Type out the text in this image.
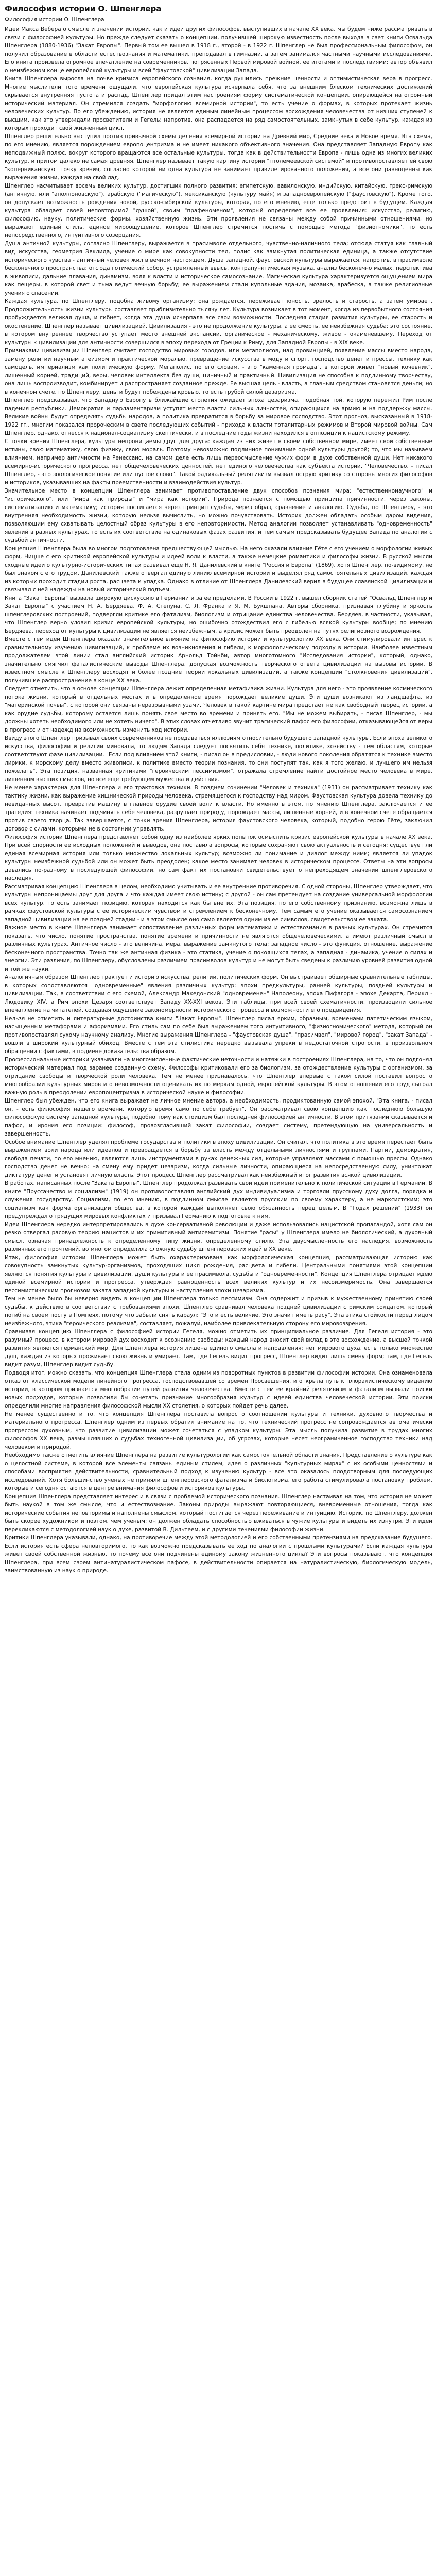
Философия истории О. Шпенглера
Философия истории О. Шпенглера

Идеи Макса Вебера о смысле и значении истории, как и идеи других философов, выступивших в начале XX века, мы будем ниже рассматривать в связи с философией культуры. Но прежде следует сказать о концепции, получившей широкую известность после выхода в свет книги Освальда Шпенглера (1880-1936) "Закат Европы". Первый том ее вышел в 1918 г., второй - в 1922 г. Шпенглер не был профессиональным философом, он получил образование в области естествознания и математики, преподавал в гимназии, а затем занимался частными научными исследованиями. Его книга произвела огромное впечатление на современников, потрясенных Первой мировой войной, ее итогами и последствиями: автор объявил о неизбежном конце европейской культуры и всей "фаустовской" цивилизации Запада.

Книга Шпенглера выросла на почве кризиса европейского сознания, когда рушились прежние ценности и оптимистическая вера в прогресс. Многие мыслители того времени ощущали, что европейская культура исчерпала себя, что за внешним блеском технических достижений скрывается внутренняя пустота и распад. Шпенглер придал этим настроениям форму систематической концепции, опирающейся на огромный исторический материал. Он стремился создать "морфологию всемирной истории", то есть учение о формах, в которых протекает жизнь человеческих культур. По его убеждению, история не является единым линейным процессом восхождения человечества от низших ступеней к высшим, как это утверждали просветители и Гегель; напротив, она распадается на ряд самостоятельных, замкнутых в себе культур, каждая из которых проходит свой жизненный цикл.

Шпенглер решительно выступил против привычной схемы деления всемирной истории на Древний мир, Средние века и Новое время. Эта схема, по его мнению, является порождением европоцентризма и не имеет никакого объективного значения. Она представляет Западную Европу как неподвижный полюс, вокруг которого вращаются все остальные культуры, тогда как в действительности Европа - лишь одна из многих великих культур, и притом далеко не самая древняя. Шпенглер называет такую картину истории "птолемеевской системой" и противопоставляет ей свою "коперниканскую" точку зрения, согласно которой ни одна культура не занимает привилегированного положения, а все они равноценны как выражения жизни, каждая на свой лад.

Шпенглер насчитывает восемь великих культур, достигших полного развития: египетскую, вавилонскую, индийскую, китайскую, греко-римскую (античную, или "аполлоновскую"), арабскую ("магическую"), мексиканскую (культуру майя) и западноевропейскую ("фаустовскую"). Кроме того, он допускает возможность рождения новой, русско-сибирской культуры, которая, по его мнению, еще только предстоит в будущем. Каждая культура обладает своей неповторимой "душой", своим "прафеноменом", который определяет все ее проявления: искусство, религию, философию, науку, политические формы, хозяйственную жизнь. Эти проявления не связаны между собой причинными отношениями, но выражают единый стиль, единое мироощущение, которое Шпенглер стремится постичь с помощью метода "физиогномики", то есть непосредственного, интуитивного созерцания.

Душа античной культуры, согласно Шпенглеру, выражается в прасимволе отдельного, чувственно-наличного тела; отсюда статуя как главный вид искусства, геометрия Эвклида, учение о мире как совокупности тел, полис как замкнутая политическая единица, а также отсутствие исторического чувства - античный человек жил в вечном настоящем. Душа западной, фаустовской культуры выражается, напротив, в прасимволе бесконечного пространства; отсюда готический собор, устремленный ввысь, контрапунктическая музыка, анализ бесконечно малых, перспектива в живописи, дальние плавания, динамизм, воля к власти и историческое самосознание. Магическая культура характеризуется ощущением мира как пещеры, в которой свет и тьма ведут вечную борьбу; ее выражением стали купольные здания, мозаика, арабеска, а также религиозные учения о спасении.

Каждая культура, по Шпенглеру, подобна живому организму: она рождается, переживает юность, зрелость и старость, а затем умирает. Продолжительность жизни культуры составляет приблизительно тысячу лет. Культура возникает в тот момент, когда из первобытного состояния пробуждается великая душа, и гибнет, когда эта душа исчерпала все свои возможности. Последняя стадия развития культуры, ее старость и окостенение, Шпенглер называет цивилизацией. Цивилизация - это не продолжение культуры, а ее смерть, ее неизбежная судьба; это состояние, в котором внутреннее творчество уступает место внешней экспансии, органическое - механическому, живое - окаменевшему. Переход от культуры к цивилизации для античности совершился в эпоху перехода от Греции к Риму, для Западной Европы - в XIX веке.

Признаками цивилизации Шпенглер считает господство мировых городов, или мегаполисов, над провинцией, появление массы вместо народа, замену религии научным атеизмом и практической моралью, превращение искусства в моду и спорт, господство денег и прессы, технику как самоцель, империализм как политическую форму. Мегаполис, по его словам, - это "каменная громада", в которой живет "новый кочевник", лишенный корней, традиций, веры, человек интеллекта без души, циничный и практичный. Цивилизация не способна к подлинному творчеству, она лишь воспроизводит, комбинирует и распространяет созданное прежде. Ее высшая цель - власть, а главным средством становятся деньги; но в конечном счете, по Шпенглеру, деньги будут побеждены кровью, то есть грубой силой цезаризма.

Шпенглер предсказывал, что Западную Европу в ближайшие столетия ожидает эпоха цезаризма, подобная той, которую пережил Рим после падения республики. Демократия и парламентаризм уступят место власти сильных личностей, опирающихся на армию и на поддержку массы. Великие войны будут определять судьбы народов, а политика превратится в борьбу за мировое господство. Этот прогноз, высказанный в 1918-1922 гг., многим показался пророческим в свете последующих событий - прихода к власти тоталитарных режимов и Второй мировой войны. Сам Шпенглер, однако, отнесся к национал-социализму скептически, и в последние годы жизни находился в оппозиции к нацистскому режиму.

С точки зрения Шпенглера, культуры непроницаемы друг для друга: каждая из них живет в своем собственном мире, имеет свои собственные истины, свою математику, свою физику, свою мораль. Поэтому невозможно подлинное понимание одной культуры другой; то, что мы называем влиянием, например античности на Ренессанс, на самом деле есть лишь переосмысление чужих форм в духе собственной души. Нет никакого всемирно-исторического прогресса, нет общечеловеческих ценностей, нет единого человечества как субъекта истории. "Человечество, - писал Шпенглер, - это зоологическое понятие или пустое слово". Такой радикальный релятивизм вызвал острую критику со стороны многих философов и историков, указывавших на факты преемственности и взаимодействия культур.

Значительное место в концепции Шпенглера занимает противопоставление двух способов познания мира: "естественнонаучного" и "исторического", или "мира как природы" и "мира как истории". Природа познается с помощью принципа причинности, через законы, систематизацию и математику; история постигается через принцип судьбы, через образ, сравнение и аналогию. Судьба, по Шпенглеру, - это внутренняя необходимость жизни, которую нельзя вычислить, но можно почувствовать. Историк должен обладать особым даром видения, позволяющим ему схватывать целостный образ культуры в его неповторимости. Метод аналогии позволяет устанавливать "одновременность" явлений в разных культурах, то есть их соответствие на одинаковых фазах развития, и тем самым предсказывать будущее Запада по аналогии с судьбой античности.

Концепция Шпенглера была во многом подготовлена предшествующей мыслью. На него оказали влияние Гёте с его учением о морфологии живых форм, Ницше с его критикой европейской культуры и идеей воли к власти, а также немецкие романтики и философы жизни. В русской мысли сходные идеи о культурно-исторических типах развивал еще Н. Я. Данилевский в книге "Россия и Европа" (1869), хотя Шпенглер, по-видимому, не был знаком с его трудом. Данилевский также отвергал единую линию всемирной истории и выделял ряд самостоятельных цивилизаций, каждая из которых проходит стадии роста, расцвета и упадка. Однако в отличие от Шпенглера Данилевский верил в будущее славянской цивилизации и связывал с ней надежды на новый исторический подъем.

Книга "Закат Европы" вызвала широкую дискуссию в Германии и за ее пределами. В России в 1922 г. вышел сборник статей "Освальд Шпенглер и Закат Европы" с участием Н. А. Бердяева, Ф. А. Степуна, С. Л. Франка и Я. М. Букшпана. Авторы сборника, признавая глубину и яркость шпенглеровских построений, подвергли критике его фатализм, биологизм и отрицание единства человечества. Бердяев, в частности, указывал, что Шпенглер верно уловил кризис европейской культуры, но ошибочно отождествил его с гибелью всякой культуры вообще; по мнению Бердяева, переход от культуры к цивилизации не является неизбежным, а кризис может быть преодолен на путях религиозного возрождения.

Вместе с тем идеи Шпенглера оказали значительное влияние на философию истории и культурологию XX века. Они стимулировали интерес к сравнительному изучению цивилизаций, к проблеме их возникновения и гибели, к морфологическому подходу в истории. Наиболее известным продолжателем этой линии стал английский историк Арнольд Тойнби, автор многотомного "Исследования истории", который, однако, значительно смягчил фаталистические выводы Шпенглера, допуская возможность творческого ответа цивилизации на вызовы истории. В известном смысле к Шпенглеру восходят и более поздние теории локальных цивилизаций, а также концепции "столкновения цивилизаций", получившие распространение в конце XX века.

Следует отметить, что в основе концепции Шпенглера лежит определенная метафизика жизни. Культура для него - это проявление космического потока жизни, который в отдельных местах и в определенное время порождает великие души. Эти души возникают из ландшафта, из "материнской почвы", с которой они связаны неразрывными узами. Человек в такой картине мира предстает не как свободный творец истории, а как орудие судьбы, которому остается лишь понять свое место во времени и принять его. "Мы не можем выбирать, - писал Шпенглер, - мы должны хотеть необходимого или не хотеть ничего". В этих словах отчетливо звучит трагический пафос его философии, отказывающейся от веры в прогресс и от надежд на возможность изменить ход истории.

Ввиду этого Шпенглер призывал своих современников не предаваться иллюзиям относительно будущего западной культуры. Если эпоха великого искусства, философии и религии миновала, то людям Запада следует посвятить себя технике, политике, хозяйству - тем областям, которые соответствуют фазе цивилизации. "Если под влиянием этой книги, - писал он в предисловии, - люди нового поколения обратятся к технике вместо лирики, к морскому делу вместо живописи, к политике вместо теории познания, то они поступят так, как я того желаю, и лучшего им нельзя пожелать". Эта позиция, названная критиками "героическим пессимизмом", отражала стремление найти достойное место человека в мире, лишенном высших смыслов, но все еще требующем мужества и действия.

Не менее характерна для Шпенглера и его трактовка техники. В позднем сочинении "Человек и техника" (1931) он рассматривает технику как тактику жизни, как выражение хищнической природы человека, стремящегося к господству над миром. Фаустовская культура довела технику до невиданных высот, превратив машину в главное орудие своей воли к власти. Но именно в этом, по мнению Шпенглера, заключается и ее трагедия: техника начинает подчинять себе человека, разрушает природу, порождает массы, лишенные корней, и в конечном счете обращается против своего творца. Так завершается, с точки зрения Шпенглера, история фаустовского человека, который, подобно герою Гёте, заключил договор с силами, которыми не в состоянии управлять.

Философия истории Шпенглера представляет собой одну из наиболее ярких попыток осмыслить кризис европейской культуры в начале XX века. При всей спорности ее исходных положений и выводов, она поставила вопросы, которые сохраняют свою актуальность и сегодня: существует ли единая всемирная история или только множество локальных культур; возможно ли понимание и диалог между ними; является ли упадок культуры неизбежной судьбой или он может быть преодолен; какое место занимает человек в историческом процессе. Ответы на эти вопросы давались по-разному в последующей философии, но сам факт их постановки свидетельствует о непреходящем значении шпенглеровского наследия.

Рассматривая концепцию Шпенглера в целом, необходимо учитывать и ее внутренние противоречия. С одной стороны, Шпенглер утверждает, что культуры непроницаемы друг для друга и что каждая имеет свою истину; с другой - он сам претендует на создание универсальной морфологии всех культур, то есть занимает позицию, которая находится как бы вне их. Эта позиция, по его собственному признанию, возможна лишь в рамках фаустовской культуры с ее историческим чувством и стремлением к бесконечному. Тем самым его учение оказывается самосознанием западной цивилизации на ее поздней стадии - и в этом смысле оно само является одним из ее символов, свидетельством ее заката.

Важное место в книге Шпенглера занимает сопоставление различных форм математики и естествознания в разных культурах. Он стремится показать, что число, понятие пространства, понятие времени и причинности не являются общечеловеческими, а имеют различный смысл в различных культурах. Античное число - это величина, мера, выражение замкнутого тела; западное число - это функция, отношение, выражение бесконечного пространства. Точно так же античная физика - это статика, учение о покоящихся телах, а западная - динамика, учение о силах и энергии. Эти различия, по Шпенглеру, обусловлены различием прасимволов культур и не могут быть сведены к различию уровней развития одной и той же науки.

Аналогичным образом Шпенглер трактует и историю искусства, религии, политических форм. Он выстраивает обширные сравнительные таблицы, в которых сопоставляются "одновременные" явления различных культур: эпохи предкультуры, ранней культуры, поздней культуры и цивилизации. Так, в соответствии с его схемой, Александр Македонский "одновременен" Наполеону, эпоха Пифагора - эпохе Декарта, Перикл - Людовику XIV, а Рим эпохи Цезаря соответствует Западу XX-XXI веков. Эти таблицы, при всей своей схематичности, производили сильное впечатление на читателей, создавая ощущение закономерности исторического процесса и возможности его предвидения.

Нельзя не отметить и литературные достоинства книги "Закат Европы". Шпенглер писал ярким, образным, временами патетическим языком, насыщенным метафорами и афоризмами. Его стиль сам по себе был выражением того интуитивного, "физиогномического" метода, который он противопоставлял сухому научному анализу. Многие выражения Шпенглера - "фаустовская душа", "прасимвол", "мировой город", "закат Запада" - вошли в широкий культурный обиход. Вместе с тем эта стилистика нередко вызывала упреки в недостаточной строгости, в произвольном обращении с фактами, в подмене доказательства образом.

Профессиональные историки указывали на многочисленные фактические неточности и натяжки в построениях Шпенглера, на то, что он подгонял исторический материал под заранее созданную схему. Философы критиковали его за биологизм, за отождествление культуры с организмом, за отрицание свободы и творческой роли человека. Тем не менее признавалось, что Шпенглер впервые с такой силой поставил вопрос о многообразии культурных миров и о невозможности оценивать их по меркам одной, европейской культуры. В этом отношении его труд сыграл важную роль в преодолении европоцентризма в исторической науке и философии.

Шпенглер был убежден, что его книга выражает не личное мнение автора, а необходимость, продиктованную самой эпохой. "Эта книга, - писал он, - есть философия нашего времени, которую время само по себе требует". Он рассматривал свою концепцию как последнюю большую философскую систему западной культуры, подобно тому как стоицизм был последней философией античности. В этом притязании сказывается и пафос, и ирония его позиции: философ, провозгласивший закат философии, создает систему, претендующую на универсальность и завершенность.

Особое внимание Шпенглер уделял проблеме государства и политики в эпоху цивилизации. Он считал, что политика в это время перестает быть выражением воли народа или идеалов и превращается в борьбу за власть между отдельными личностями и группами. Партии, демократия, свобода печати, по его мнению, являются лишь инструментами в руках денежных сил, которые управляют массами с помощью прессы. Однако господство денег не вечно; на смену ему придет цезаризм, когда сильные личности, опирающиеся на непосредственную силу, уничтожат диктатуру денег и установят личную власть. Этот процесс Шпенглер рассматривал как неизбежный итог развития всякой цивилизации.

В работах, написанных после "Заката Европы", Шпенглер продолжал развивать свои идеи применительно к политической ситуации в Германии. В книге "Пруссачество и социализм" (1919) он противопоставлял английский дух индивидуализма и торговли прусскому духу долга, порядка и служения государству. Социализм, по его мнению, в подлинном смысле является прусским по своему характеру, а не марксистским; это социализм как форма организации общества, в которой каждый выполняет свою обязанность перед целым. В "Годах решений" (1933) он предупреждал о грядущих мировых конфликтах и призывал Германию к подготовке к ним.

Идеи Шпенглера нередко интерпретировались в духе консервативной революции и даже использовались нацистской пропагандой, хотя сам он резко отвергал расовую теорию нацистов и их примитивный антисемитизм. Понятие "расы" у Шпенглера имело не биологический, а духовный смысл, означая принадлежность к определенному типу жизни, определенному стилю. Эта двусмысленность его наследия, возможность различных его прочтений, во многом определила сложную судьбу шпенглеровских идей в XX веке.

Итак, философия истории Шпенглера может быть охарактеризована как морфологическая концепция, рассматривающая историю как совокупность замкнутых культур-организмов, проходящих цикл рождения, расцвета и гибели. Центральными понятиями этой концепции являются понятия культуры и цивилизации, души культуры и ее прасимвола, судьбы и "одновременности". Концепция Шпенглера отрицает идею единой всемирной истории и прогресса, утверждая равноценность всех великих культур и их несоизмеримость. Она завершается пессимистическим прогнозом заката западной культуры и наступления эпохи цезаризма.

Тем не менее было бы неверно видеть в концепции Шпенглера только пессимизм. Она содержит и призыв к мужественному принятию своей судьбы, к действию в соответствии с требованиями эпохи. Шпенглер сравнивал человека поздней цивилизации с римским солдатом, который погиб на своем посту в Помпеях, потому что забыли снять караул: "Это и есть величие. Это значит иметь расу". Эта этика стойкости перед лицом неизбежного, этика "героического реализма", составляет, пожалуй, наиболее привлекательную сторону его мировоззрения.

Сравнивая концепцию Шпенглера с философией истории Гегеля, можно отметить их принципиальное различие. Для Гегеля история - это разумный процесс, в котором мировой дух восходит к осознанию свободы; каждый народ вносит свой вклад в это восхождение, а высшей точкой развития является германский мир. Для Шпенглера история лишена единого смысла и направления; нет мирового духа, есть только множество душ, каждая из которых проживает свою жизнь и умирает. Там, где Гегель видит прогресс, Шпенглер видит лишь смену форм; там, где Гегель видит разум, Шпенглер видит судьбу.

Подводя итог, можно сказать, что концепция Шпенглера стала одним из поворотных пунктов в развитии философии истории. Она ознаменовала отказ от классической модели линейного прогресса, господствовавшей со времен Просвещения, и открыла путь к плюралистическому видению истории, в котором признается многообразие путей развития человечества. Вместе с тем ее крайний релятивизм и фатализм вызвали поиски новых подходов, которые позволили бы сочетать признание многообразия культур с идеей единства человеческой истории. Эти поиски определили многие направления философской мысли XX столетия, о которых пойдет речь далее.

Не менее существенно и то, что концепция Шпенглера поставила вопрос о соотношении культуры и техники, духовного творчества и материального прогресса. Шпенглер одним из первых обратил внимание на то, что технический прогресс не сопровождается автоматически прогрессом духовным, что развитие цивилизации может сочетаться с упадком культуры. Эта мысль получила развитие в трудах многих философов XX века, размышлявших о судьбах техногенной цивилизации, об угрозах, которые несет неограниченное господство техники над человеком и природой.

Необходимо также отметить влияние Шпенглера на развитие культурологии как самостоятельной области знания. Представление о культуре как о целостной системе, в которой все элементы связаны единым стилем, идея о различных "культурных мирах" с их особыми ценностями и способами восприятия действительности, сравнительный подход к изучению культур - все это оказалось плодотворным для последующих исследований. Хотя большинство ученых не приняли шпенглеровского фатализма и биологизма, его работа стимулировала постановку проблем, которые и сегодня остаются в центре внимания философов и историков культуры.

Концепция Шпенглера представляет интерес и в связи с проблемой исторического познания. Шпенглер настаивал на том, что история не может быть наукой в том же смысле, что и естествознание. Законы природы выражают повторяющиеся, вневременные отношения, тогда как исторические события неповторимы и наполнены смыслом, который постигается через переживание и интуицию. Историк, по Шпенглеру, должен быть скорее художником и поэтом, чем ученым; он должен обладать способностью вживаться в чужие культуры и видеть их изнутри. Эти идеи перекликаются с методологией наук о духе, развитой В. Дильтеем, и с другими течениями философии жизни.

Критики Шпенглера указывали, однако, на противоречие между этой методологией и его собственными претензиями на предсказание будущего. Если история есть сфера неповторимого, то как возможно предсказывать ее ход по аналогии с прошлыми культурами? Если каждая культура живет своей собственной жизнью, то почему все они подчинены единому закону жизненного цикла? Эти вопросы показывают, что концепция Шпенглера, при всем своем антинатуралистическом пафосе, в действительности опирается на натуралистическую, биологическую модель, заимствованную из наук о природе.
